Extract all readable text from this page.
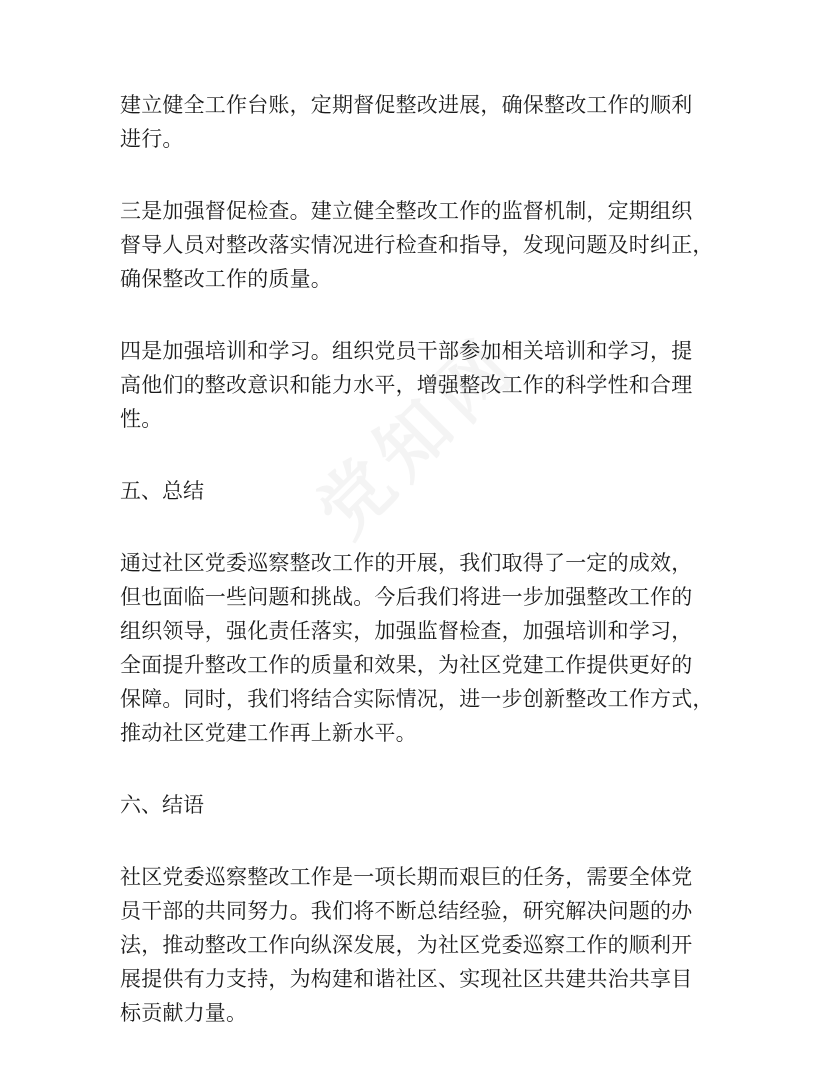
建立健全工作台账，定期督促整改进展，确保整改工作的顺利
进行。

三是加强督促检查。建立健全整改工作的监督机制，定期组织
督导人员对整改落实情况进行检查和指导，发现问题及时纠正，
确保整改工作的质量。

四是加强培训和学习。组织党员干部参加相关培训和学习，提
高他们的整改意识和能力水平，增强整改工作的科学性和合理
性。

五、总结

通过社区党委巡察整改工作的开展，我们取得了一定的成效，
但也面临一些问题和挑战。今后我们将进一步加强整改工作的
组织领导，强化责任落实，加强监督检查，加强培训和学习，
全面提升整改工作的质量和效果，为社区党建工作提供更好的
保障。同时，我们将结合实际情况，进一步创新整改工作方式，
推动社区党建工作再上新水平。

六、结语

社区党委巡察整改工作是一项长期而艰巨的任务，需要全体党
员干部的共同努力。我们将不断总结经验，研究解决问题的办
法，推动整改工作向纵深发展，为社区党委巡察工作的顺利开
展提供有力支持，为构建和谐社区、实现社区共建共治共享目
标贡献力量。
